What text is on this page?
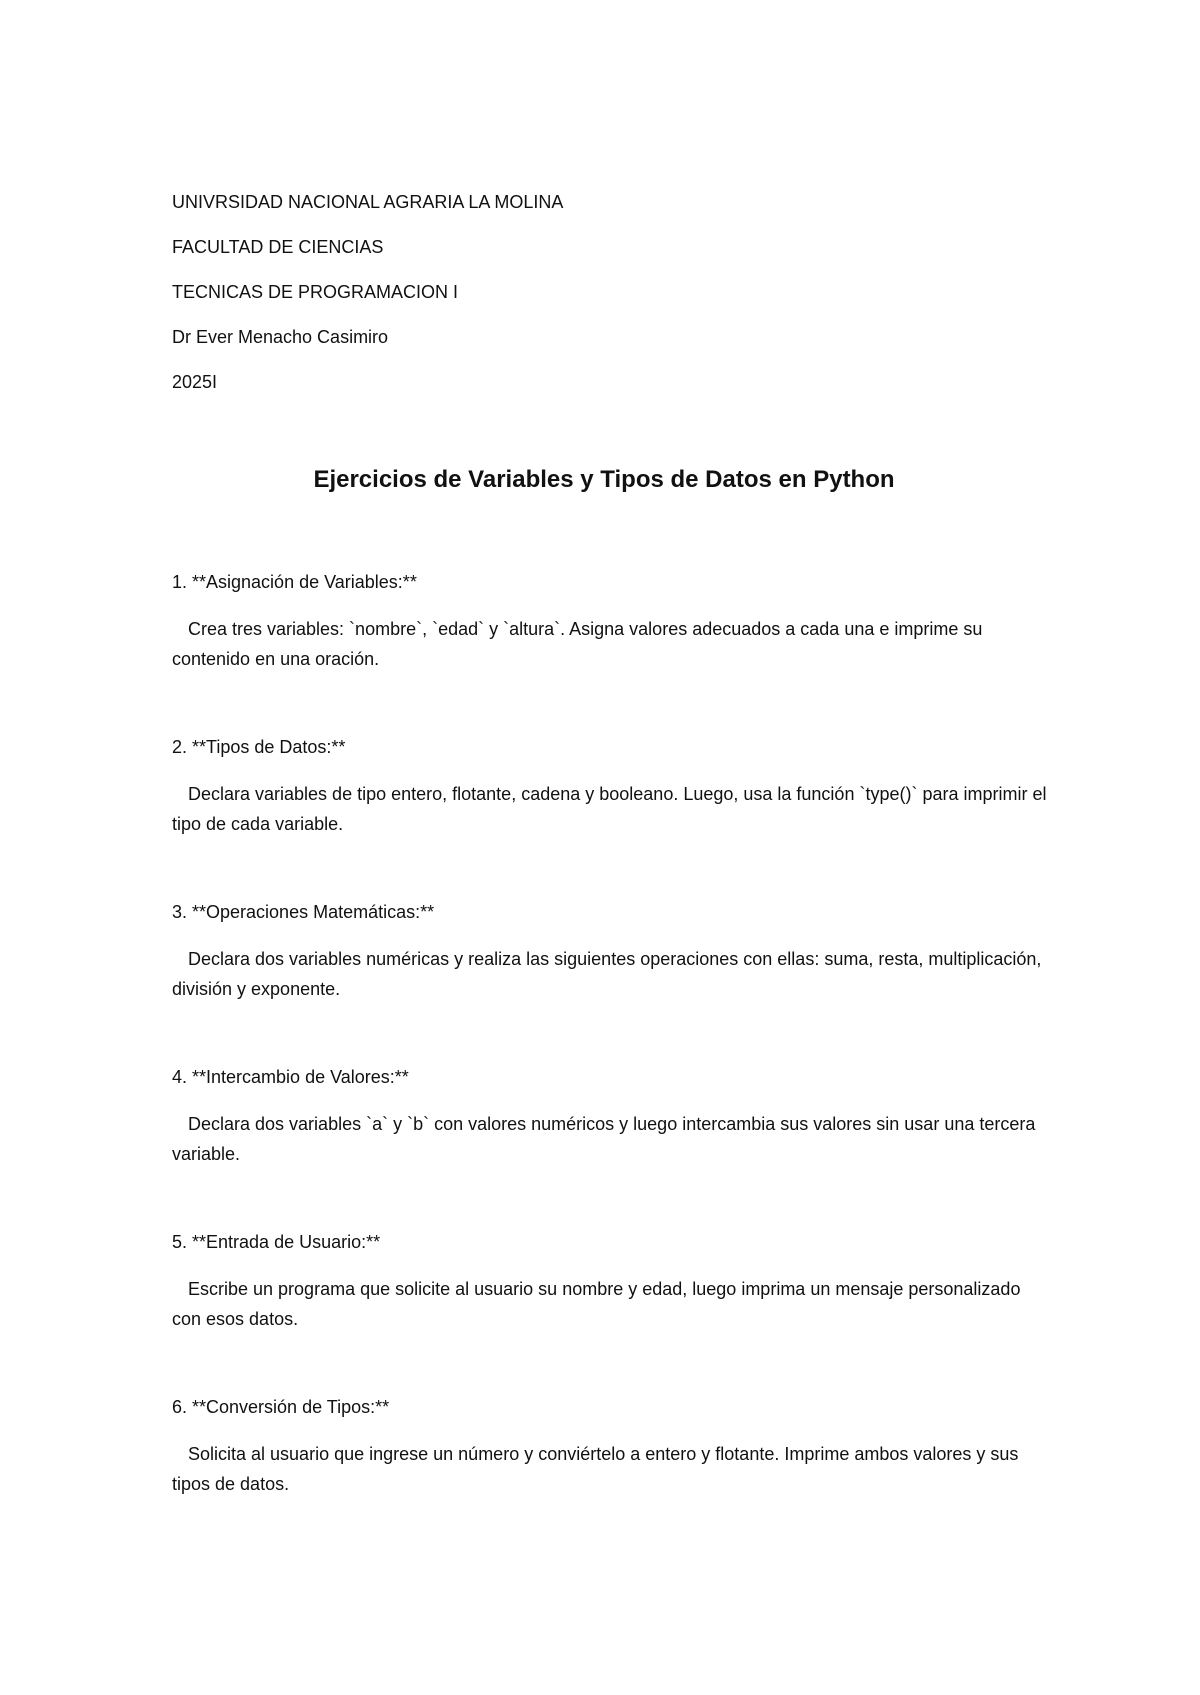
UNIVRSIDAD NACIONAL AGRARIA LA MOLINA
FACULTAD DE CIENCIAS
TECNICAS DE PROGRAMACION I
Dr Ever Menacho Casimiro
2025I
Ejercicios de Variables y Tipos de Datos en Python
1. **Asignación de Variables:**
Crea tres variables: `nombre`, `edad` y `altura`. Asigna valores adecuados a cada una e imprime su contenido en una oración.
2. **Tipos de Datos:**
Declara variables de tipo entero, flotante, cadena y booleano. Luego, usa la función `type()` para imprimir el tipo de cada variable.
3. **Operaciones Matemáticas:**
Declara dos variables numéricas y realiza las siguientes operaciones con ellas: suma, resta, multiplicación, división y exponente.
4. **Intercambio de Valores:**
Declara dos variables `a` y `b` con valores numéricos y luego intercambia sus valores sin usar una tercera variable.
5. **Entrada de Usuario:**
Escribe un programa que solicite al usuario su nombre y edad, luego imprima un mensaje personalizado con esos datos.
6. **Conversión de Tipos:**
Solicita al usuario que ingrese un número y conviértelo a entero y flotante. Imprime ambos valores y sus tipos de datos.
